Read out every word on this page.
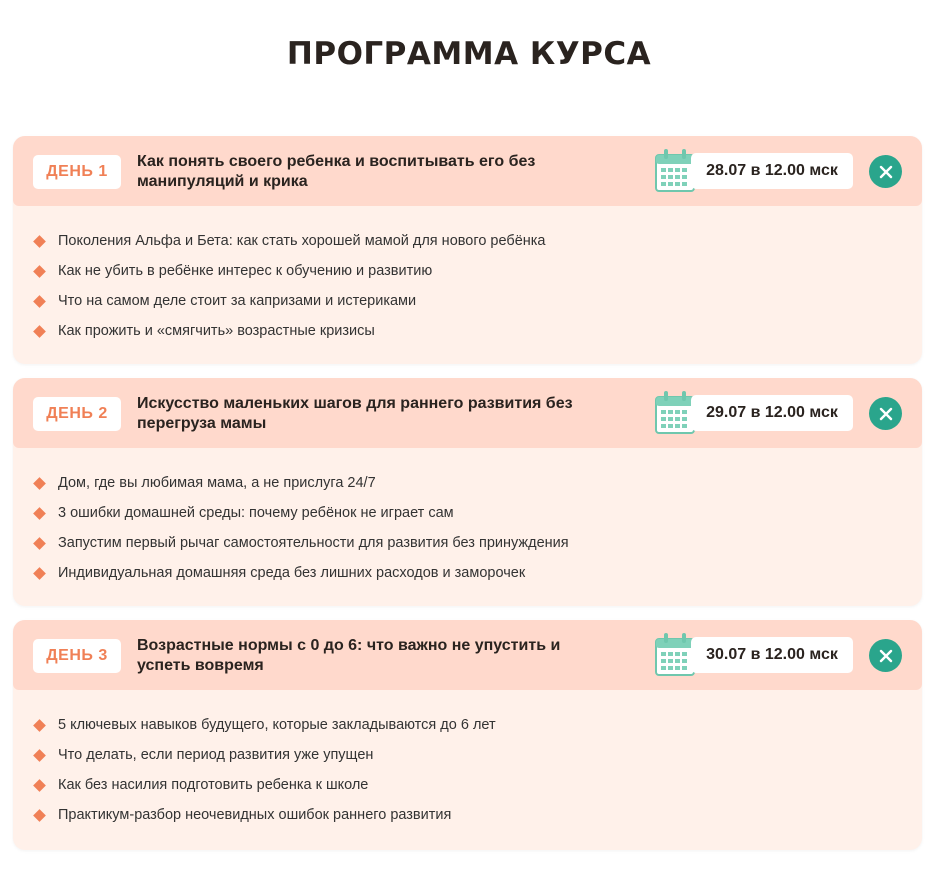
ПРОГРАММА КУРСА
ДЕНЬ 1
Как понять своего ребенка и воспитывать его без манипуляций и крика
28.07 в 12.00 мск
Поколения Альфа и Бета: как стать хорошей мамой для нового ребёнка
Как не убить в ребёнке интерес к обучению и развитию
Что на самом деле стоит за капризами и истериками
Как прожить и «смягчить» возрастные кризисы
ДЕНЬ 2
Искусство маленьких шагов для раннего развития без перегруза мамы
29.07 в 12.00 мск
Дом, где вы любимая мама, а не прислуга 24/7
3 ошибки домашней среды: почему ребёнок не играет сам
Запустим первый рычаг самостоятельности для развития без принуждения
Индивидуальная домашняя среда без лишних расходов и заморочек
ДЕНЬ 3
Возрастные нормы с 0 до 6: что важно не упустить и успеть вовремя
30.07 в 12.00 мск
5 ключевых навыков будущего, которые закладываются до 6 лет
Что делать, если период развития уже упущен
Как без насилия подготовить ребенка к школе
Практикум-разбор неочевидных ошибок раннего развития
